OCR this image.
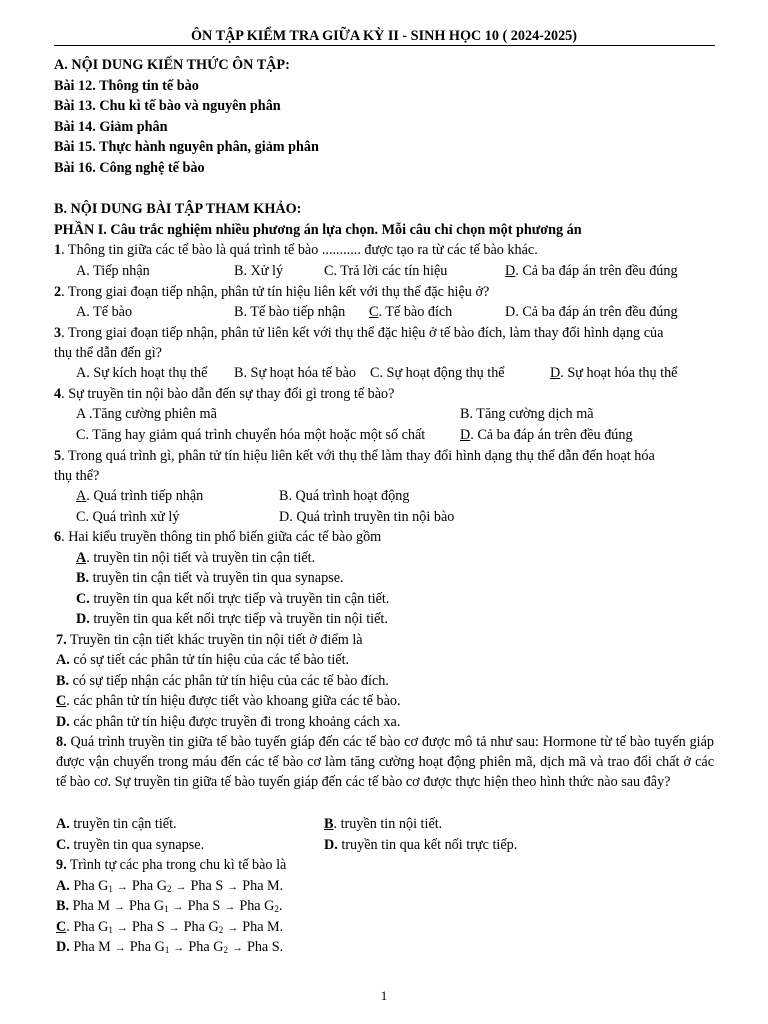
ÔN TẬP KIỂM TRA GIỮA KỲ II - SINH HỌC 10 ( 2024-2025)
A. NỘI DUNG KIẾN THỨC ÔN TẬP:
Bài 12. Thông tin tế bào
Bài 13. Chu kì tế bào và nguyên phân
Bài 14. Giảm phân
Bài 15. Thực hành nguyên phân, giảm phân
Bài 16. Công nghệ tế bào
B. NỘI DUNG BÀI TẬP THAM KHẢO:
PHẦN I. Câu trắc nghiệm nhiều phương án lựa chọn. Mỗi câu chỉ chọn một phương án
1. Thông tin giữa các tế bào là quá trình tế bào ........... được tạo ra từ các tế bào khác.
A. Tiếp nhận	B. Xử lý	C. Trả lời các tín hiệu	D. Cả ba đáp án trên đều đúng
2. Trong giai đoạn tiếp nhận, phân tử tín hiệu liên kết với thụ thể đặc hiệu ở?
A. Tế bào	B. Tế bào tiếp nhận C. Tế bào đích	D. Cả ba đáp án trên đều đúng
3. Trong giai đoạn tiếp nhận, phân tử liên kết với thụ thể đặc hiệu ở tế bào đích, làm thay đổi hình dạng của
thụ thể dẫn đến gì?
A. Sự kích hoạt thụ thể B. Sự hoạt hóa tế bào C. Sự hoạt động thụ thể	D. Sự hoạt hóa thụ thể
4. Sự truyền tin nội bào dẫn đến sự thay đổi gì trong tế bào?
A .Tăng cường phiên mã	B. Tăng cường dịch mã
C. Tăng hay giảm quá trình chuyển hóa một hoặc một số chất D. Cả ba đáp án trên đều đúng
5. Trong quá trình gì, phân tử tín hiệu liên kết với thụ thể làm thay đổi hình dạng thụ thể dẫn đến hoạt hóa
thụ thể?
A. Quá trình tiếp nhận	B. Quá trình hoạt động
C. Quá trình xử lý	D. Quá trình truyền tin nội bào
6. Hai kiểu truyền thông tin phổ biến giữa các tế bào gồm
A. truyền tin nội tiết và truyền tin cận tiết.
B. truyền tin cận tiết và truyền tin qua synapse.
C. truyền tin qua kết nối trực tiếp và truyền tin cận tiết.
D. truyền tin qua kết nối trực tiếp và truyền tin nội tiết.
7. Truyền tin cận tiết khác truyền tin nội tiết ở điểm là
A. có sự tiết các phân tử tín hiệu của các tế bào tiết.
B. có sự tiếp nhận các phân tử tín hiệu của các tế bào đích.
C. các phân tử tín hiệu được tiết vào khoang giữa các tế bào.
D. các phân tử tín hiệu được truyền đi trong khoảng cách xa.
8. Quá trình truyền tin giữa tế bào tuyến giáp đến các tế bào cơ được mô tả như sau: Hormone từ tế bào tuyến giáp được vận chuyển trong máu đến các tế bào cơ làm tăng cường hoạt động phiên mã, dịch mã và trao đổi chất ở các tế bào cơ. Sự truyền tin giữa tế bào tuyến giáp đến các tế bào cơ được thực hiện theo hình thức nào sau đây?
A. truyền tin cận tiết.	B. truyền tin nội tiết.
C. truyền tin qua synapse.	D. truyền tin qua kết nối trực tiếp.
9. Trình tự các pha trong chu kì tế bào là
A. Pha $G_1$ → Pha $G_2$ → Pha S → Pha M.
B. Pha M → Pha $G_1$ → Pha S → Pha $G_2$.
C. Pha $G_1$ → Pha S → Pha $G_2$ → Pha M.
D. Pha M → Pha $G_1$ → Pha $G_2$ → Pha S.
1
